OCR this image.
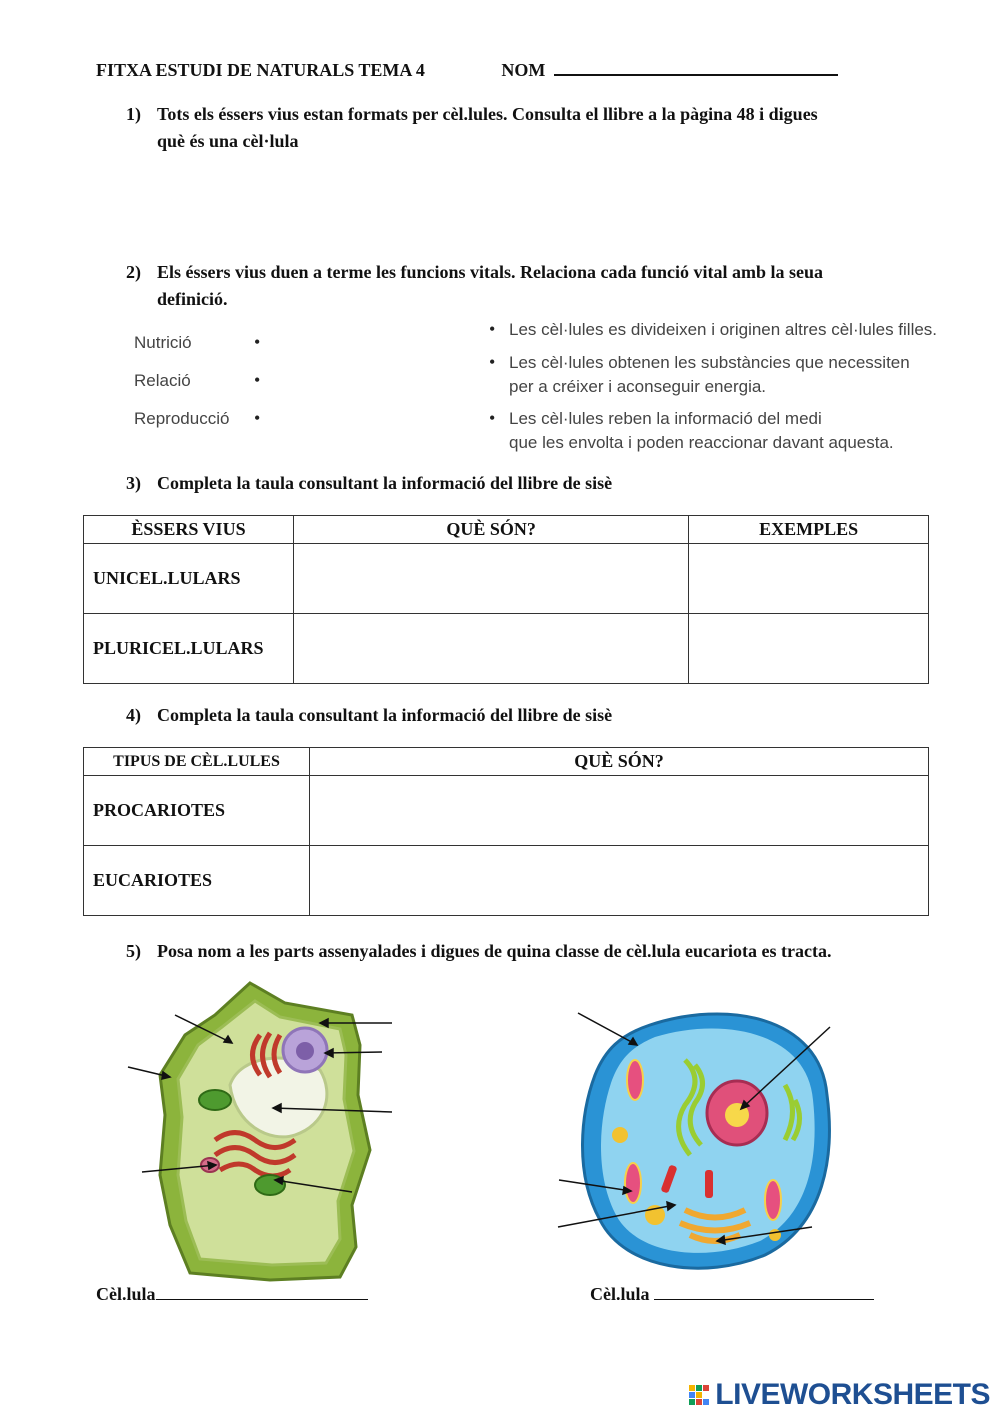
FITXA ESTUDI DE NATURALS TEMA 4	NOM
1) Tots els éssers vius estan formats per cèl.lules. Consulta el llibre a la pàgina 48 i digues
què és una cèl·lula
2) Els éssers vius duen a terme les funcions vitals. Relaciona cada funció vital amb la seua
definició.
Nutrició
Relació
Reproducció
•
•
•
• Les cèl·lules es divideixen i originen altres cèl·lules filles.
• Les cèl·lules obtenen les substàncies que necessiten
per a créixer i aconseguir energia.
• Les cèl·lules reben la informació del medi
que les envolta i poden reaccionar davant aquesta.
3) Completa la taula consultant la informació del llibre de sisè
ÈSSERS VIUS	QUÈ SÓN?	EXEMPLES
UNICEL.LULARS		
PLURICEL.LULARS		
4) Completa la taula consultant la informació del llibre de sisè
TIPUS DE CÈL.LULES	QUÈ SÓN?
PROCARIOTES	
EUCARIOTES	
5) Posa nom a les parts assenyalades i digues de quina classe de cèl.lula eucariota es tracta.
Cèl.lula	Cèl.lula
LIVEWORKSHEETS
